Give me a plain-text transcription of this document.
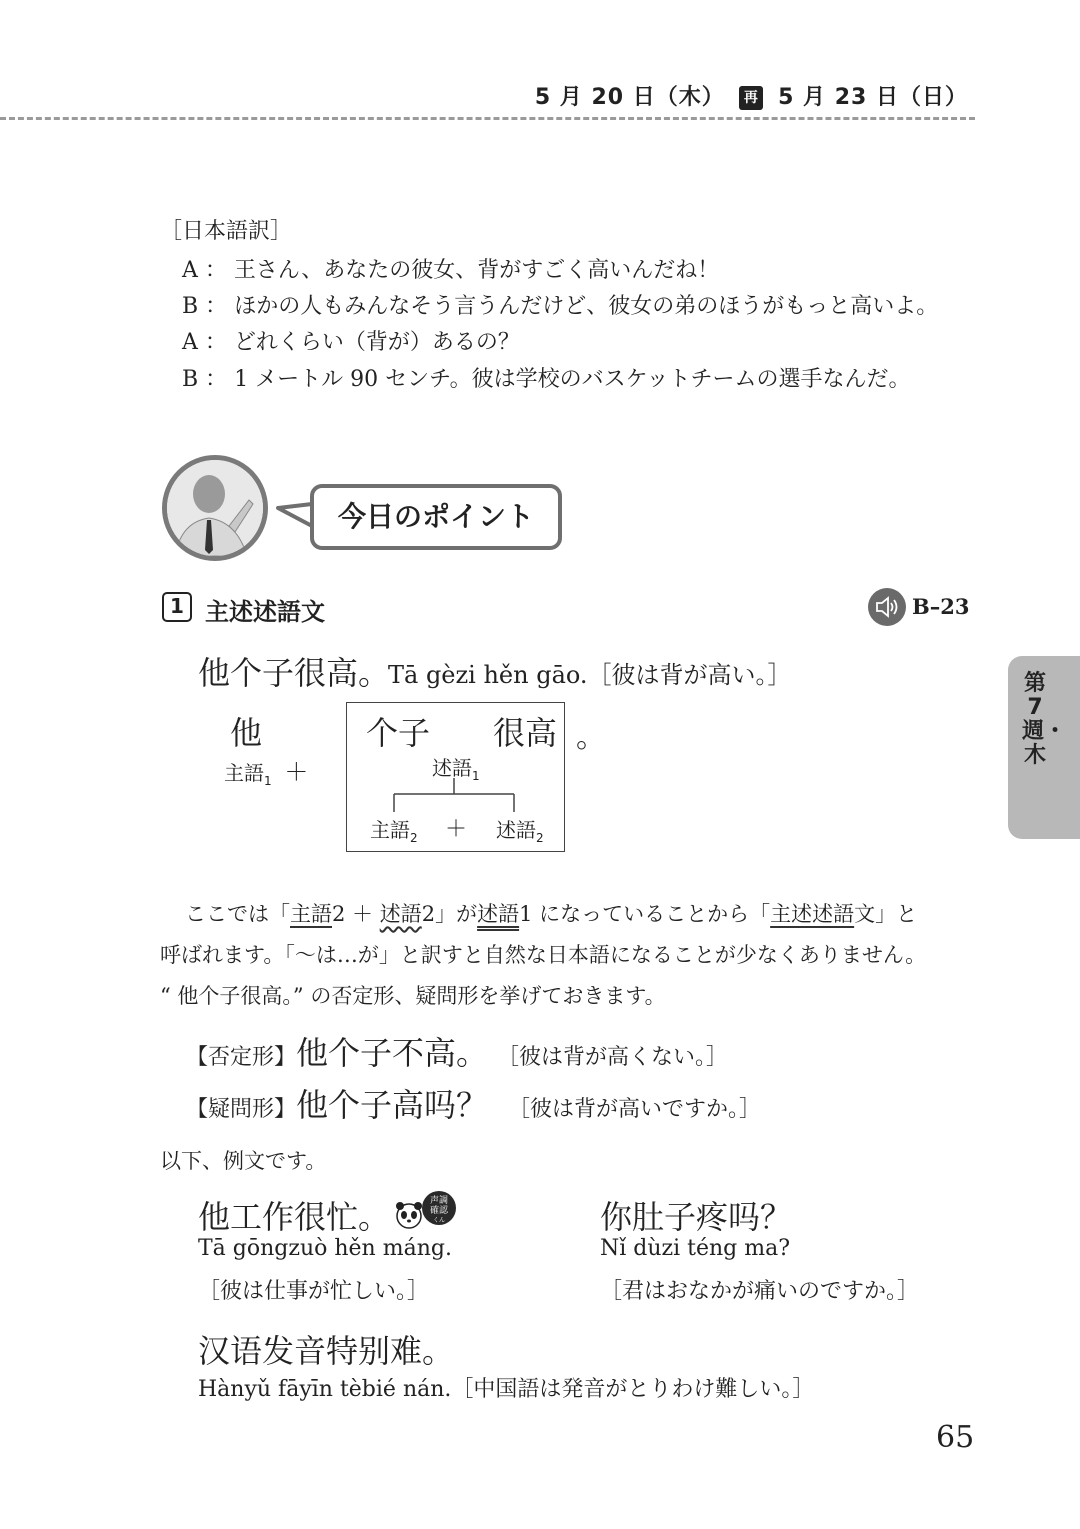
5 月 20 日（木） 再 5 月 23 日（日）
［日本語訳］
A ： 王さん、あなたの彼女、背がすごく高いんだね！
B ： ほかの人もみんなそう言うんだけど、彼女の弟のほうがもっと高いよ。
A ： どれくらい（背が）あるの？
B ： 1 メートル 90 センチ。彼は学校のバスケットチームの選手なんだ。
今日のポイント
1 主述述語文	B–23
他个子很高。
Tā gèzi hěn gāo.［彼は背が高い。］
他
主語$_1$ ＋
个子 很高 。
述語$_1$
主語$_2$ ＋ 述語$_2$
ここでは「主語2 ＋ 述語2」が述語1 になっていることから「主述述語文」と
呼ばれます。「〜は…が」と訳すと自然な日本語になることが少なくありません。
“ 他个子很高。” の否定形、疑問形を挙げておきます。
【否定形】他个子不高。 ［彼は背が高くない。］
【疑問形】他个子高吗？ ［彼は背が高いですか。］
以下、例文です。
他工作很忙。
Tā gōngzuò hěn máng.
［彼は仕事が忙しい。］
声調
確認
くん	你肚子疼吗？
Nǐ dùzi téng ma?
［君はおなかが痛いのですか。］
汉语发音特别难。
Hànyǔ fāyīn tèbié nán.［中国語は発音がとりわけ難しい。］
第7週・木
65
